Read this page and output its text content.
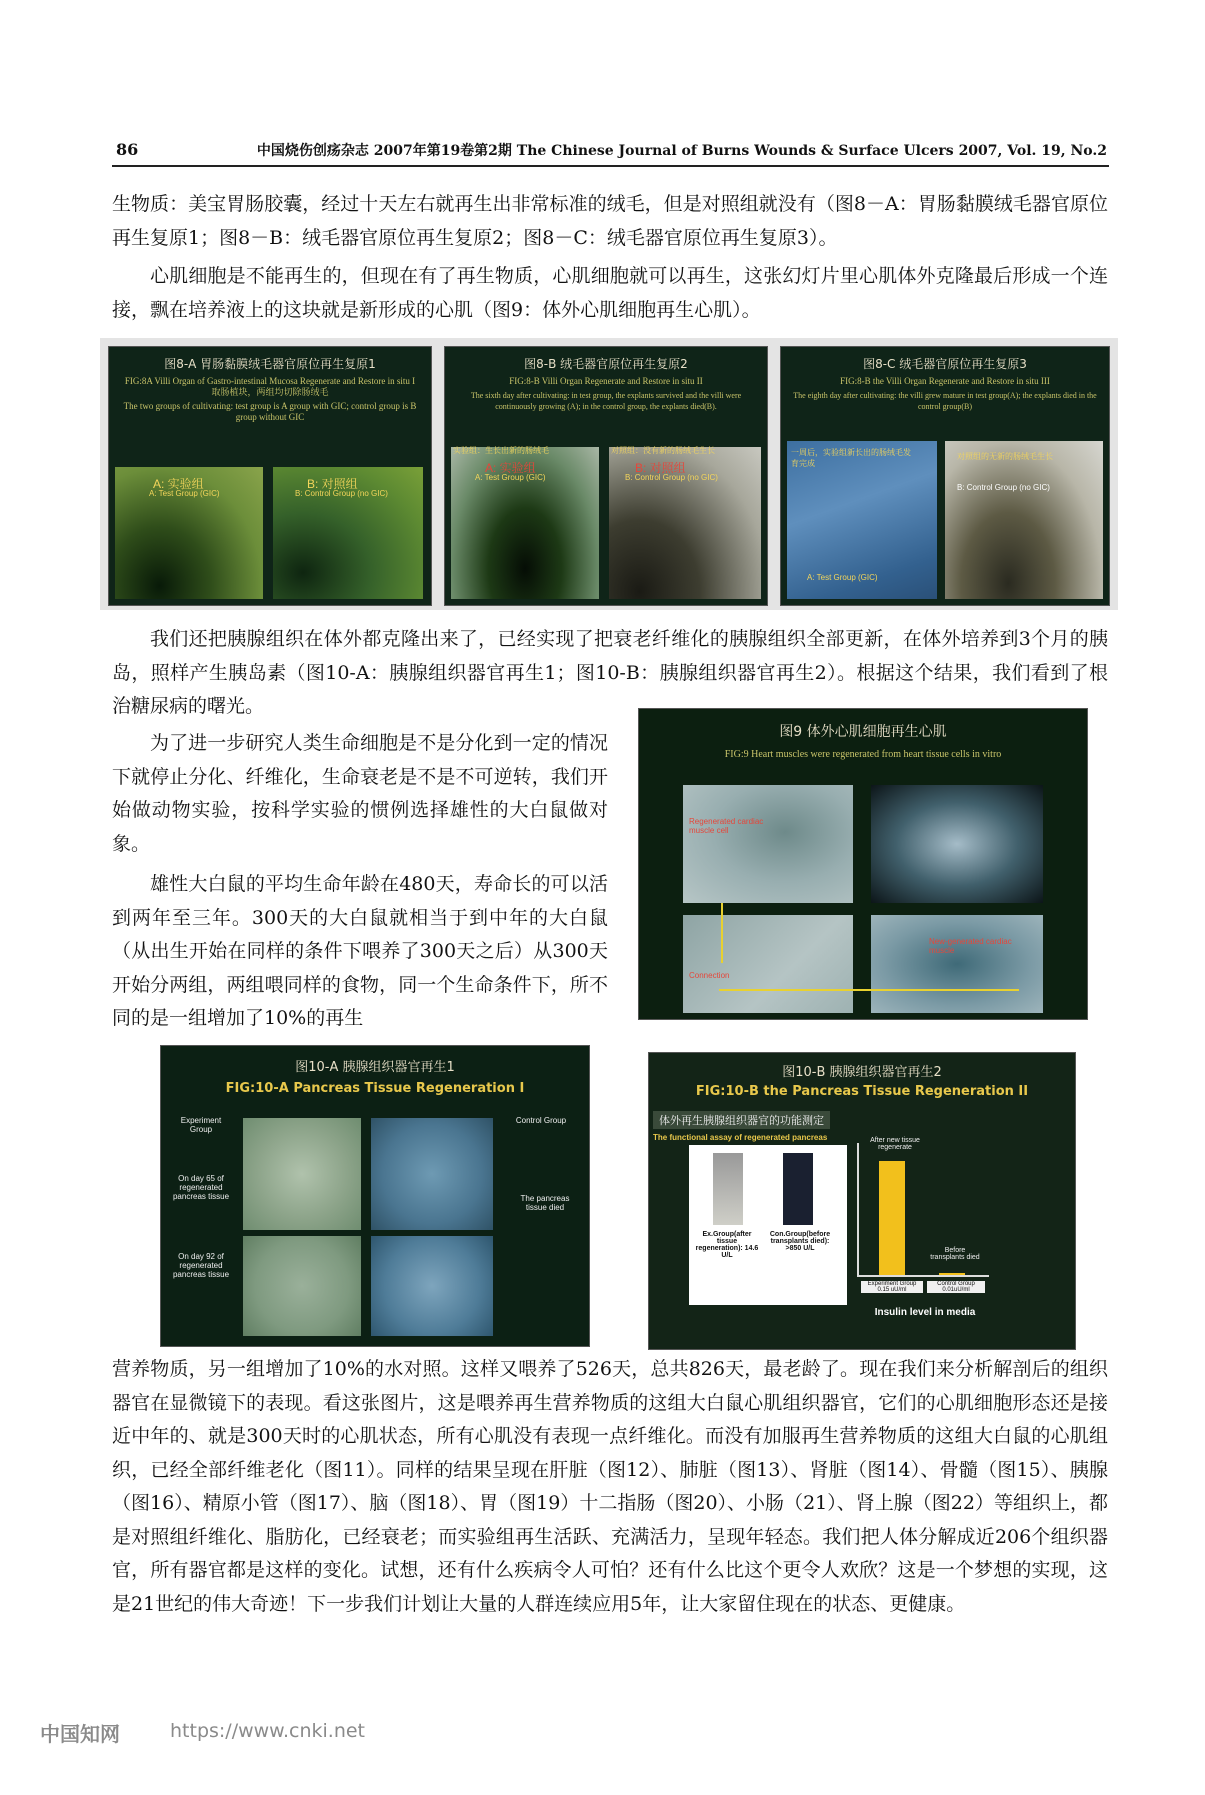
86	中国烧伤创疡杂志 2007年第19卷第2期 The Chinese Journal of Burns Wounds & Surface Ulcers 2007, Vol. 19, No.2

生物质：美宝胃肠胶囊，经过十天左右就再生出非常标准的绒毛，但是对照组就没有（图8－A：胃肠黏膜绒毛器官原位再生复原1；图8－B：绒毛器官原位再生复原2；图8－C：绒毛器官原位再生复原3）。

心肌细胞是不能再生的，但现在有了再生物质，心肌细胞就可以再生，这张幻灯片里心肌体外克隆最后形成一个连接，飘在培养液上的这块就是新形成的心肌（图9：体外心肌细胞再生心肌）。

图8-A 胃肠黏膜绒毛器官原位再生复原1
FIG:8A Villi Organ of Gastro-intestinal Mucosa Regenerate and Restore in situ I
取肠植块，两组均切除肠绒毛
The two groups of cultivating: test group is A group with GIC; control group is B group without GIC
A: 实验组
A: Test Group (GIC)
B: 对照组
B: Control Group (no GIC)
图8-B 绒毛器官原位再生复原2
FIG:8-B Villi Organ Regenerate and Restore in situ II
The sixth day after cultivating: in test group, the explants survived and the villi were continuously growing (A); in the control group, the explants died(B).
实验组：生长出新的肠绒毛	对照组：没有新的肠绒毛生长
A: 实验组
A: Test Group (GIC)
B: 对照组
B: Control Group (no GIC)
图8-C 绒毛器官原位再生复原3
FIG:8-B the Villi Organ Regenerate and Restore in situ III
The eighth day after cultivating: the villi grew mature in test group(A); the explants died in the control group(B)
一周后，实验组新长出的肠绒毛发育完成
对照组的无新的肠绒毛生长
A: Test Group (GIC)
B: Control Group (no GIC)

我们还把胰腺组织在体外都克隆出来了，已经实现了把衰老纤维化的胰腺组织全部更新，在体外培养到3个月的胰岛，照样产生胰岛素（图10-A：胰腺组织器官再生1；图10-B：胰腺组织器官再生2）。根据这个结果，我们看到了根治糖尿病的曙光。

为了进一步研究人类生命细胞是不是分化到一定的情况下就停止分化、纤维化，生命衰老是不是不可逆转，我们开始做动物实验，按科学实验的惯例选择雄性的大白鼠做对象。

雄性大白鼠的平均生命年龄在480天，寿命长的可以活到两年至三年。300天的大白鼠就相当于到中年的大白鼠（从出生开始在同样的条件下喂养了300天之后）从300天开始分两组，两组喂同样的食物，同一个生命条件下，所不同的是一组增加了10%的再生

图9 体外心肌细胞再生心肌
FIG:9 Heart muscles were regenerated from heart tissue cells in vitro
Regenerated cardiac muscle cell
Connection
New-generated cardiac muscle
图10-A 胰腺组织器官再生1
FIG:10-A Pancreas Tissue Regeneration I
Experiment Group
Control Group
On day 65 of regenerated pancreas tissue
On day 92 of regenerated pancreas tissue
The pancreas tissue died
图10-B 胰腺组织器官再生2
FIG:10-B the Pancreas Tissue Regeneration II
体外再生胰腺组织器官的功能测定
The functional assay of regenerated pancreas
Ex.Group(after tissue regeneration): 14.6 U/L
Con.Group(before transplants died): >850 U/L
Amylopsin level in media
After new tissue regenerate
Before transplants died
Experiment Group 0.15 uU/ml
Control Group 0.01uU/ml
Insulin level in media

营养物质，另一组增加了10%的水对照。这样又喂养了526天，总共826天，最老龄了。现在我们来分析解剖后的组织器官在显微镜下的表现。看这张图片，这是喂养再生营养物质的这组大白鼠心肌组织器官，它们的心肌细胞形态还是接近中年的、就是300天时的心肌状态，所有心肌没有表现一点纤维化。而没有加服再生营养物质的这组大白鼠的心肌组织，已经全部纤维老化（图11）。同样的结果呈现在肝脏（图12）、肺脏（图13）、肾脏（图14）、骨髓（图15）、胰腺（图16）、精原小管（图17）、脑（图18）、胃（图19）十二指肠（图20）、小肠（21）、肾上腺（图22）等组织上，都是对照组纤维化、脂肪化，已经衰老；而实验组再生活跃、充满活力，呈现年轻态。我们把人体分解成近206个组织器官，所有器官都是这样的变化。试想，还有什么疾病令人可怕？还有什么比这个更令人欢欣？这是一个梦想的实现，这是21世纪的伟大奇迹！下一步我们计划让大量的人群连续应用5年，让大家留住现在的状态、更健康。

中国知网	https://www.cnki.net
